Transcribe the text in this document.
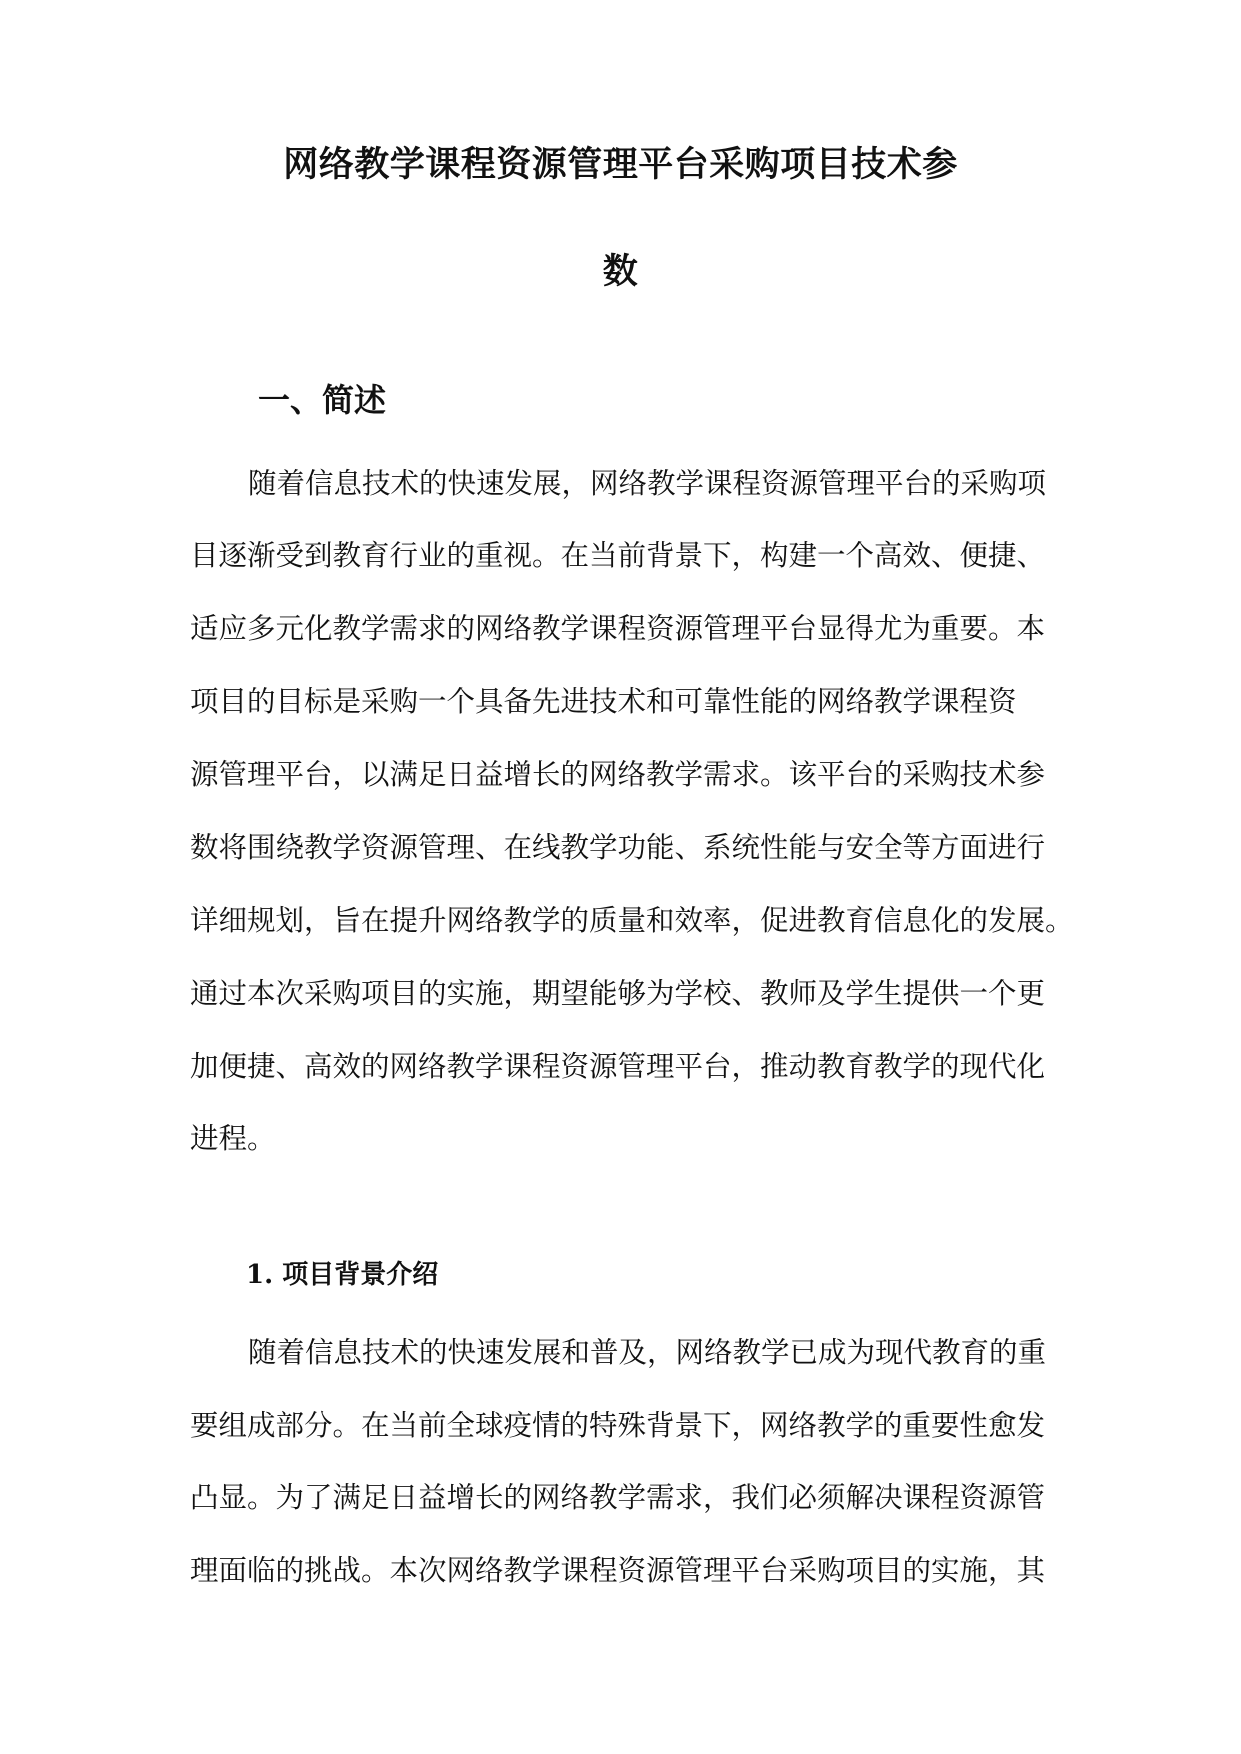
网络教学课程资源管理平台采购项目技术参
数
一、简述
随着信息技术的快速发展，网络教学课程资源管理平台的采购项
目逐渐受到教育行业的重视。在当前背景下，构建一个高效、便捷、
适应多元化教学需求的网络教学课程资源管理平台显得尤为重要。本
项目的目标是采购一个具备先进技术和可靠性能的网络教学课程资
源管理平台，以满足日益增长的网络教学需求。该平台的采购技术参
数将围绕教学资源管理、在线教学功能、系统性能与安全等方面进行
详细规划，旨在提升网络教学的质量和效率，促进教育信息化的发展。
通过本次采购项目的实施，期望能够为学校、教师及学生提供一个更
加便捷、高效的网络教学课程资源管理平台，推动教育教学的现代化
进程。
1. 项目背景介绍
随着信息技术的快速发展和普及，网络教学已成为现代教育的重
要组成部分。在当前全球疫情的特殊背景下，网络教学的重要性愈发
凸显。为了满足日益增长的网络教学需求，我们必须解决课程资源管
理面临的挑战。本次网络教学课程资源管理平台采购项目的实施，其
